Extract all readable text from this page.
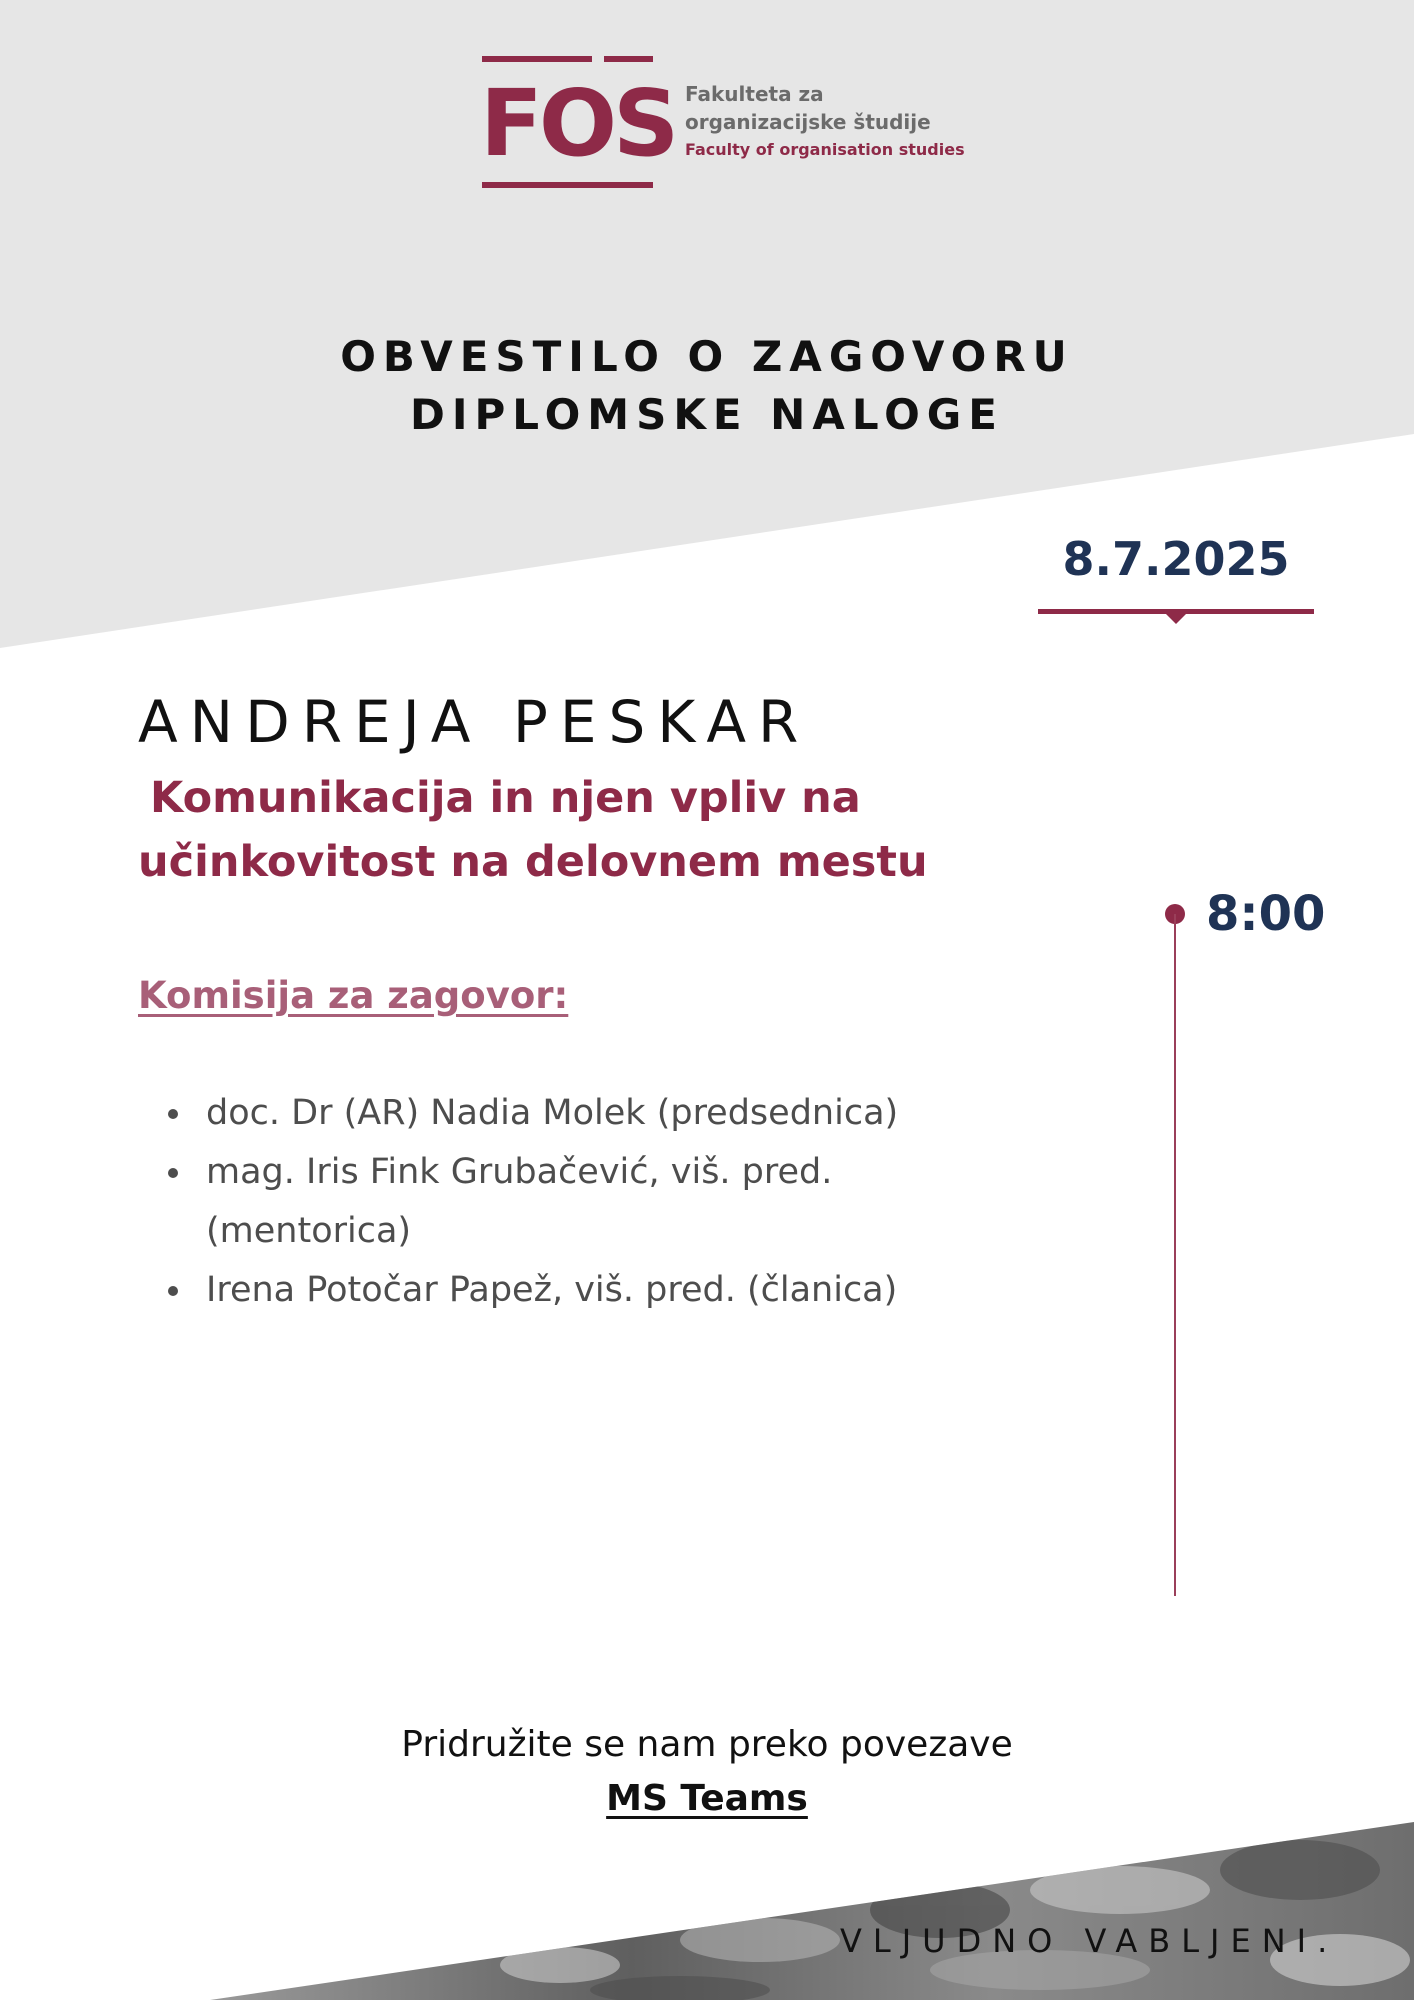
FOS Fakulteta za
organizacijske študije
Faculty of organisation studies
OBVESTILO O ZAGOVORU
DIPLOMSKE NALOGE
8.7.2025
ANDREJA PESKAR
Komunikacija in njen vpliv na
učinkovitost na delovnem mestu
8:00
Komisija za zagovor:
doc. Dr (AR) Nadia Molek (predsednica)
mag. Iris Fink Grubačević, viš. pred. (mentorica)
Irena Potočar Papež, viš. pred. (članica)
Pridružite se nam preko povezave
MS Teams
VLJUDNO VABLJENI.
